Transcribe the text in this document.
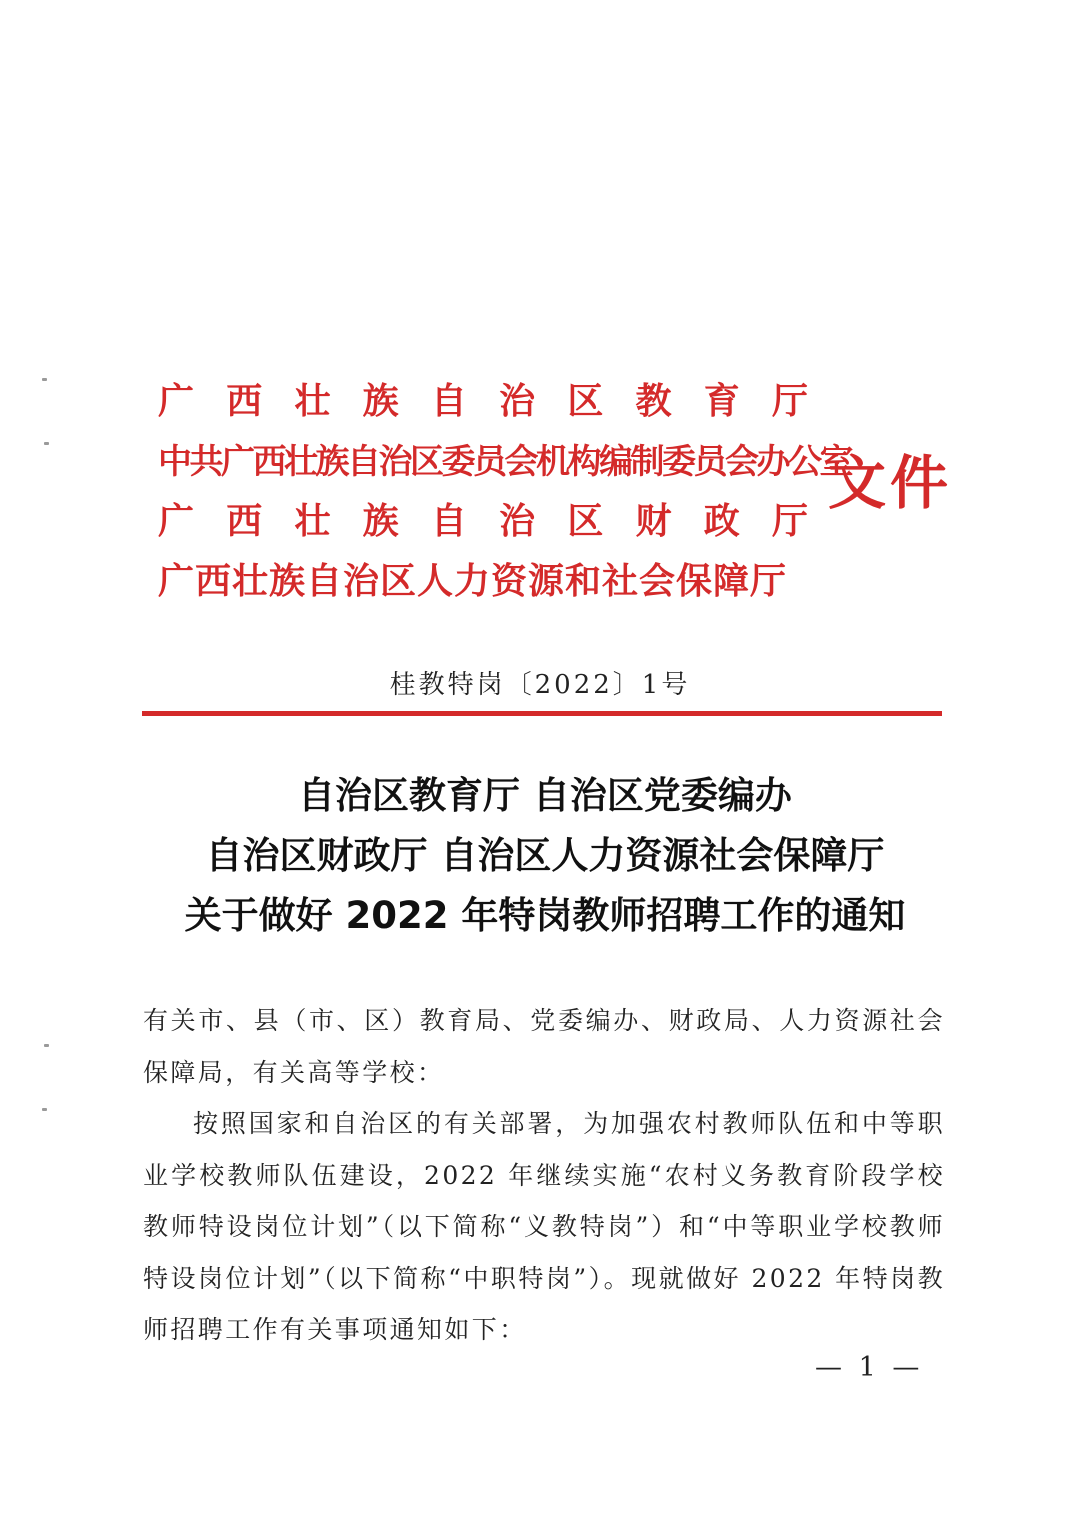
广 西 壮 族 自 治 区 教 育 厅
中共广西壮族自治区委员会机构编制委员会办公室
广 西 壮 族 自 治 区 财 政 厅
广西壮族自治区人力资源和社会保障厅
文件
桂教特岗〔2022〕1号
自治区教育厅 自治区党委编办
自治区财政厅 自治区人力资源社会保障厅
关于做好 2022 年特岗教师招聘工作的通知

有关市、县（市、区）教育局、党委编办、财政局、人力资源社会保障局，有关高等学校：

按照国家和自治区的有关部署，为加强农村教师队伍和中等职业学校教师队伍建设，2022 年继续实施“农村义务教育阶段学校教师特设岗位计划”（以下简称“义教特岗”）和“中等职业学校教师特设岗位计划”（以下简称“中职特岗”）。现就做好 2022 年特岗教师招聘工作有关事项通知如下：

— 1 —
